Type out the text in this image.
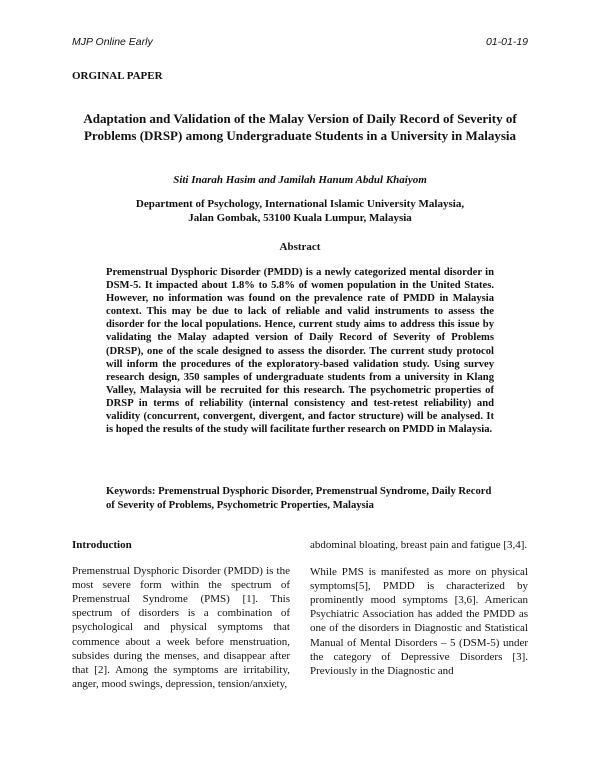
MJP Online Early	01-01-19
ORGINAL PAPER
Adaptation and Validation of the Malay Version of Daily Record of Severity of Problems (DRSP) among Undergraduate Students in a University in Malaysia
Siti Inarah Hasim and Jamilah Hanum Abdul Khaiyom
Department of Psychology, International Islamic University Malaysia,
Jalan Gombak, 53100 Kuala Lumpur, Malaysia
Abstract

Premenstrual Dysphoric Disorder (PMDD) is a newly categorized mental disorder in DSM-5. It impacted about 1.8% to 5.8% of women population in the United States. However, no information was found on the prevalence rate of PMDD in Malaysia context. This may be due to lack of reliable and valid instruments to assess the disorder for the local populations. Hence, current study aims to address this issue by validating the Malay adapted version of Daily Record of Severity of Problems (DRSP), one of the scale designed to assess the disorder. The current study protocol will inform the procedures of the exploratory-based validation study. Using survey research design, 350 samples of undergraduate students from a university in Klang Valley, Malaysia will be recruited for this research. The psychometric properties of DRSP in terms of reliability (internal consistency and test-retest reliability) and validity (concurrent, convergent, divergent, and factor structure) will be analysed. It is hoped the results of the study will facilitate further research on PMDD in Malaysia.

Keywords: Premenstrual Dysphoric Disorder, Premenstrual Syndrome, Daily Record of Severity of Problems, Psychometric Properties, Malaysia

Introduction

Premenstrual Dysphoric Disorder (PMDD) is the most severe form within the spectrum of Premenstrual Syndrome (PMS) [1]. This spectrum of disorders is a combination of psychological and physical symptoms that commence about a week before menstruation, subsides during the menses, and disappear after that [2]. Among the symptoms are irritability, anger, mood swings, depression, tension/anxiety,

abdominal bloating, breast pain and fatigue [3,4].

While PMS is manifested as more on physical symptoms[5], PMDD is characterized by prominently mood symptoms [3,6]. American Psychiatric Association has added the PMDD as one of the disorders in Diagnostic and Statistical Manual of Mental Disorders – 5 (DSM-5) under the category of Depressive Disorders [3]. Previously in the Diagnostic and
